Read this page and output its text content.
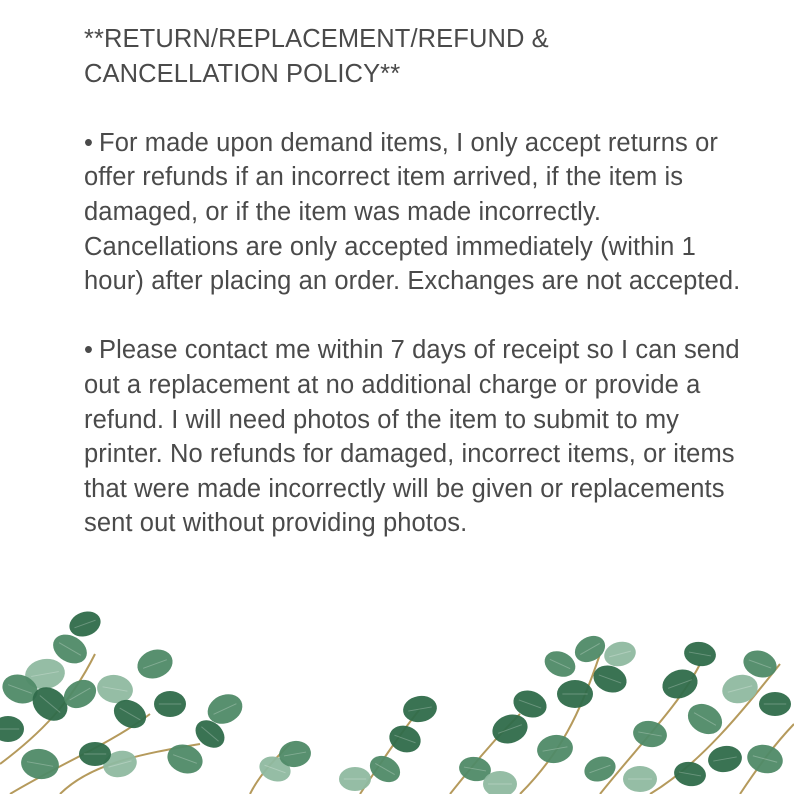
**RETURN/REPLACEMENT/REFUND & CANCELLATION POLICY**

• For made upon demand items, I only accept returns or offer refunds if an incorrect item arrived, if the item is damaged, or if the item was made incorrectly. Cancellations are only accepted immediately (within 1 hour) after placing an order. Exchanges are not accepted.

• Please contact me within 7 days of receipt so I can send out a replacement at no additional charge or provide a refund. I will need photos of the item to submit to my printer. No refunds for damaged, incorrect items, or items that were made incorrectly will be given or replacements sent out without providing photos.
